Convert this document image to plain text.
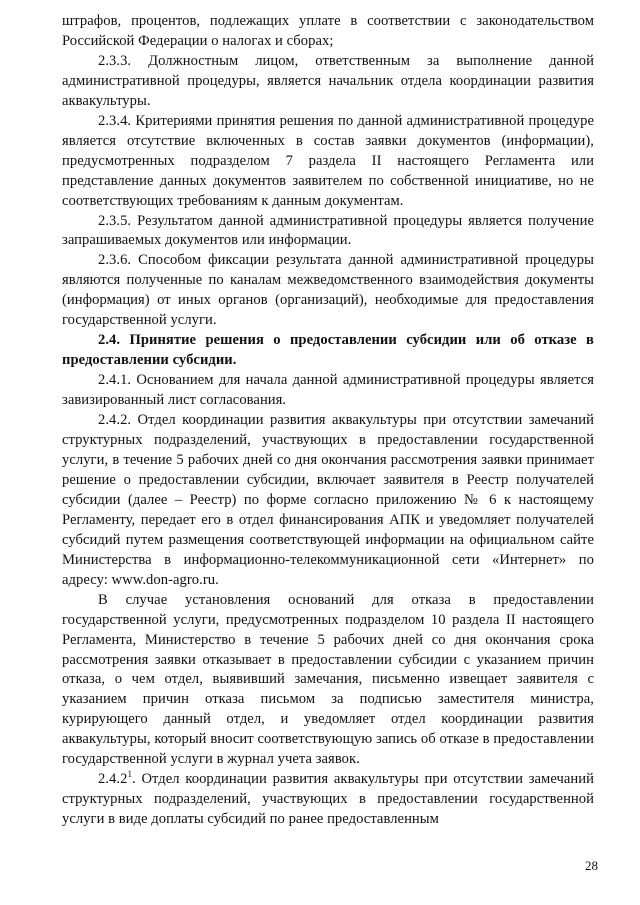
штрафов, процентов, подлежащих уплате в соответствии с законодательством Российской Федерации о налогах и сборах;

2.3.3. Должностным лицом, ответственным за выполнение данной административной процедуры, является начальник отдела координации развития аквакультуры.

2.3.4. Критериями принятия решения по данной административной процедуре является отсутствие включенных в состав заявки документов (информации), предусмотренных подразделом 7 раздела II настоящего Регламента или представление данных документов заявителем по собственной инициативе, но не соответствующих требованиям к данным документам.

2.3.5. Результатом данной административной процедуры является получение запрашиваемых документов или информации.

2.3.6. Способом фиксации результата данной административной процедуры являются полученные по каналам межведомственного взаимодействия документы (информация) от иных органов (организаций), необходимые для предоставления государственной услуги.

2.4. Принятие решения о предоставлении субсидии или об отказе в предоставлении субсидии.

2.4.1. Основанием для начала данной административной процедуры является завизированный лист согласования.

2.4.2. Отдел координации развития аквакультуры при отсутствии замечаний структурных подразделений, участвующих в предоставлении государственной услуги, в течение 5 рабочих дней со дня окончания рассмотрения заявки принимает решение о предоставлении субсидии, включает заявителя в Реестр получателей субсидии (далее – Реестр) по форме согласно приложению № 6 к настоящему Регламенту, передает его в отдел финансирования АПК и уведомляет получателей субсидий путем размещения соответствующей информации на официальном сайте Министерства в информационно-телекоммуникационной сети «Интернет» по адресу: www.don-agro.ru.

В случае установления оснований для отказа в предоставлении государственной услуги, предусмотренных подразделом 10 раздела II настоящего Регламента, Министерство в течение 5 рабочих дней со дня окончания срока рассмотрения заявки отказывает в предоставлении субсидии с указанием причин отказа, о чем отдел, выявивший замечания, письменно извещает заявителя с указанием причин отказа письмом за подписью заместителя министра, курирующего данный отдел, и уведомляет отдел координации развития аквакультуры, который вносит соответствующую запись об отказе в предоставлении государственной услуги в журнал учета заявок.

2.4.2$^1$. Отдел координации развития аквакультуры при отсутствии замечаний структурных подразделений, участвующих в предоставлении государственной услуги в виде доплаты субсидий по ранее предоставленным

28
